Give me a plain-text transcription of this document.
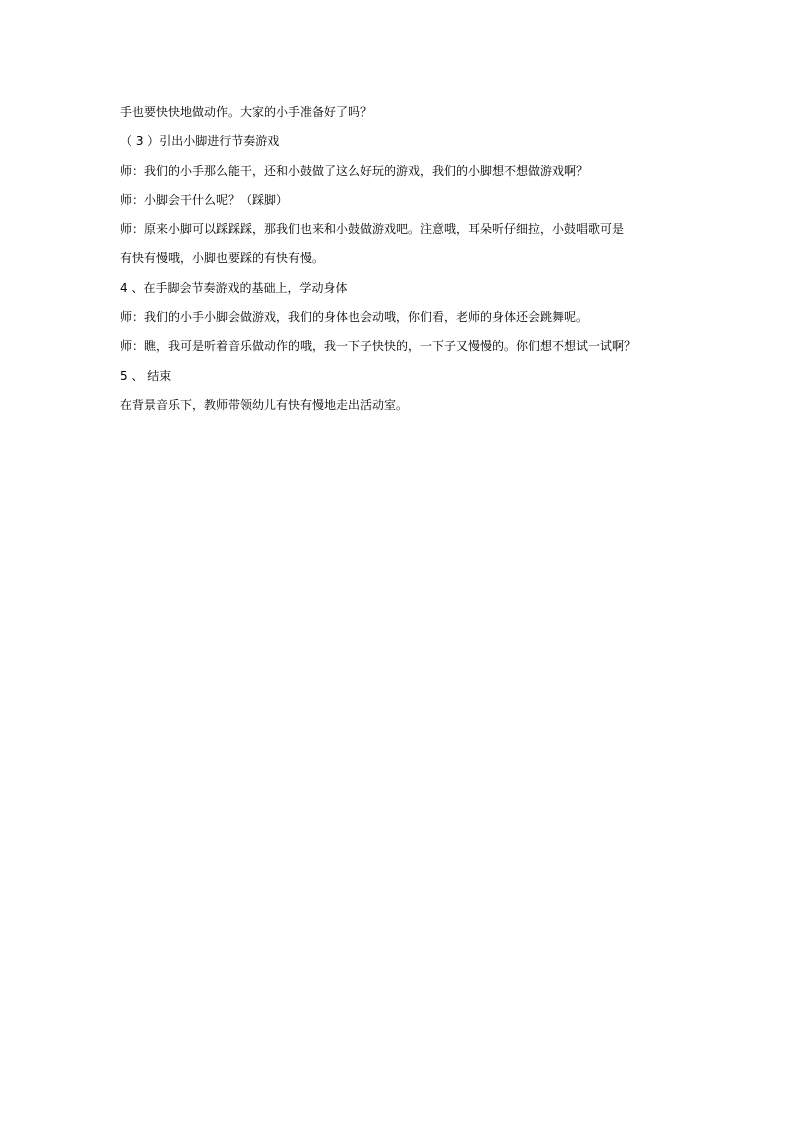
手也要快快地做动作。大家的小手准备好了吗？
（ 3 ）引出小脚进行节奏游戏
师：我们的小手那么能干，还和小鼓做了这么好玩的游戏，我们的小脚想不想做游戏啊？
师：小脚会干什么呢？（踩脚）
师：原来小脚可以踩踩踩，那我们也来和小鼓做游戏吧。注意哦，耳朵听仔细拉，小鼓唱歌可是
有快有慢哦，小脚也要踩的有快有慢。
4 、在手脚会节奏游戏的基础上，学动身体
师：我们的小手小脚会做游戏，我们的身体也会动哦，你们看，老师的身体还会跳舞呢。
师：瞧，我可是听着音乐做动作的哦，我一下子快快的，一下子又慢慢的。你们想不想试一试啊？
5 、 结束
在背景音乐下，教师带领幼儿有快有慢地走出活动室。
